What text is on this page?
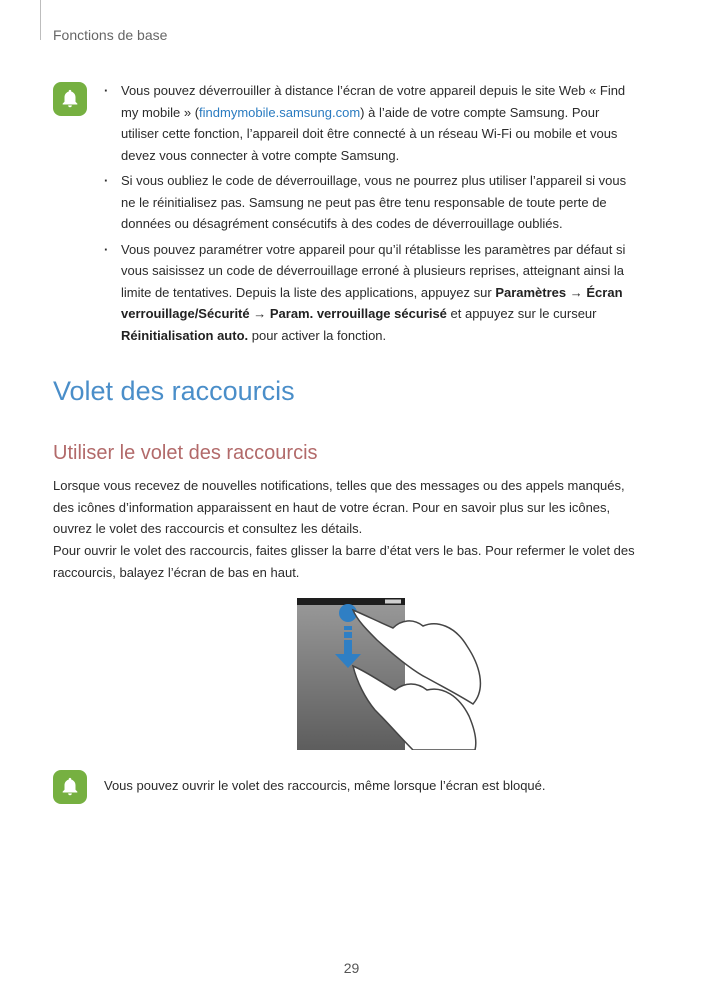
Fonctions de base
· Vous pouvez déverrouiller à distance l’écran de votre appareil depuis le site Web « Find my mobile » (findmymobile.samsung.com) à l’aide de votre compte Samsung. Pour utiliser cette fonction, l’appareil doit être connecté à un réseau Wi-Fi ou mobile et vous devez vous connecter à votre compte Samsung.
· Si vous oubliez le code de déverrouillage, vous ne pourrez plus utiliser l’appareil si vous ne le réinitialisez pas. Samsung ne peut pas être tenu responsable de toute perte de données ou désagrément consécutifs à des codes de déverrouillage oubliés.
· Vous pouvez paramétrer votre appareil pour qu’il rétablisse les paramètres par défaut si vous saisissez un code de déverrouillage erroné à plusieurs reprises, atteignant ainsi la limite de tentatives. Depuis la liste des applications, appuyez sur Paramètres → Écran verrouillage/Sécurité → Param. verrouillage sécurisé et appuyez sur le curseur Réinitialisation auto. pour activer la fonction.
Volet des raccourcis
Utiliser le volet des raccourcis

Lorsque vous recevez de nouvelles notifications, telles que des messages ou des appels manqués, des icônes d’information apparaissent en haut de votre écran. Pour en savoir plus sur les icônes, ouvrez le volet des raccourcis et consultez les détails.

Pour ouvrir le volet des raccourcis, faites glisser la barre d’état vers le bas. Pour refermer le volet des raccourcis, balayez l’écran de bas en haut.

Vous pouvez ouvrir le volet des raccourcis, même lorsque l’écran est bloqué.
29
